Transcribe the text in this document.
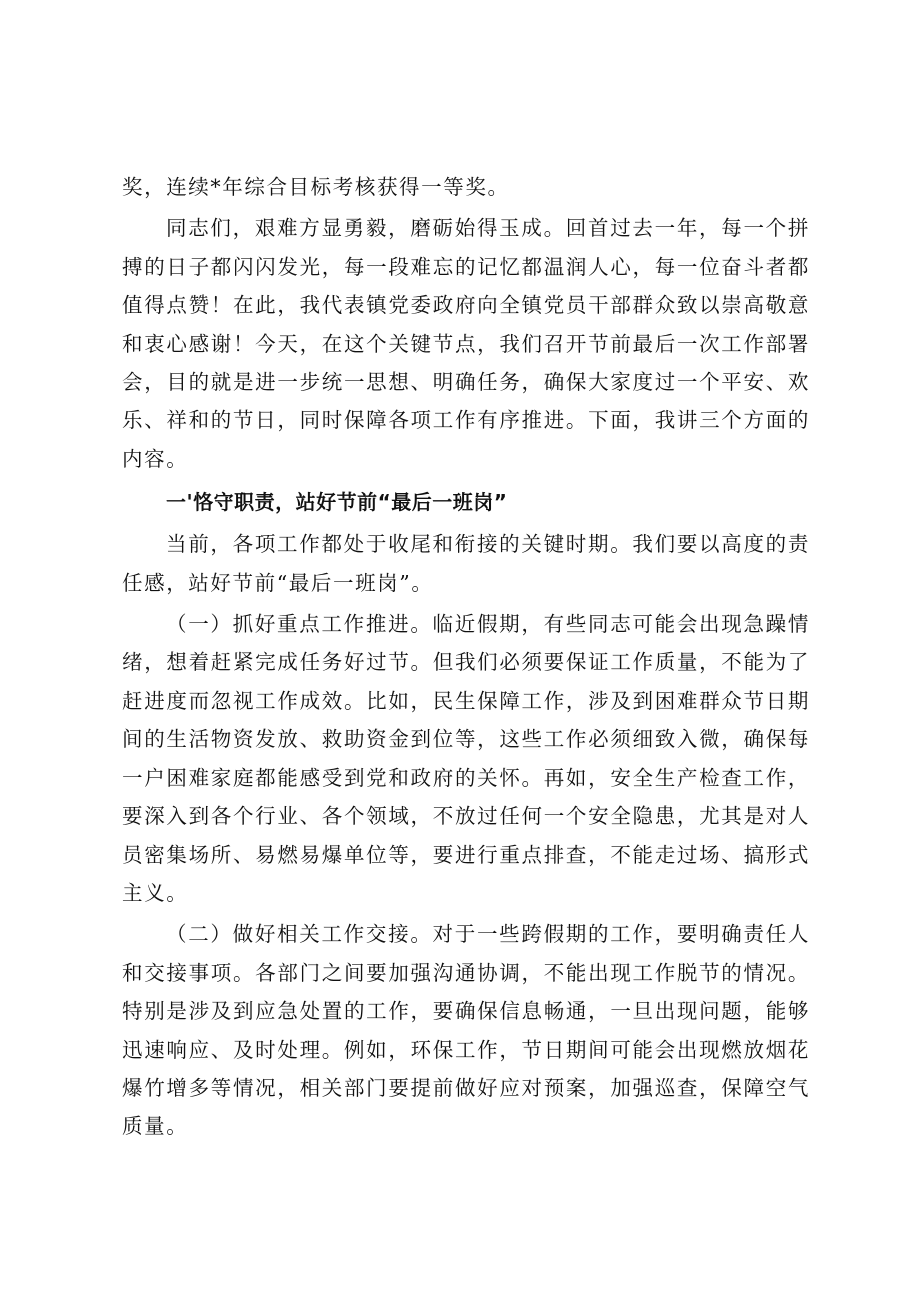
奖，连续*年综合目标考核获得一等奖。

同志们，艰难方显勇毅，磨砺始得玉成。回首过去一年，每一个拼搏的日子都闪闪发光，每一段难忘的记忆都温润人心，每一位奋斗者都值得点赞！在此，我代表镇党委政府向全镇党员干部群众致以崇高敬意和衷心感谢！今天，在这个关键节点，我们召开节前最后一次工作部署会，目的就是进一步统一思想、明确任务，确保大家度过一个平安、欢乐、祥和的节日，同时保障各项工作有序推进。下面，我讲三个方面的内容。

一'恪守职责，站好节前“最后一班岗”

当前，各项工作都处于收尾和衔接的关键时期。我们要以高度的责任感，站好节前“最后一班岗”。

（一）抓好重点工作推进。临近假期，有些同志可能会出现急躁情绪，想着赶紧完成任务好过节。但我们必须要保证工作质量，不能为了赶进度而忽视工作成效。比如，民生保障工作，涉及到困难群众节日期间的生活物资发放、救助资金到位等，这些工作必须细致入微，确保每一户困难家庭都能感受到党和政府的关怀。再如，安全生产检查工作，要深入到各个行业、各个领域，不放过任何一个安全隐患，尤其是对人员密集场所、易燃易爆单位等，要进行重点排查，不能走过场、搞形式主义。

（二）做好相关工作交接。对于一些跨假期的工作，要明确责任人和交接事项。各部门之间要加强沟通协调，不能出现工作脱节的情况。特别是涉及到应急处置的工作，要确保信息畅通，一旦出现问题，能够迅速响应、及时处理。例如，环保工作，节日期间可能会出现燃放烟花爆竹增多等情况，相关部门要提前做好应对预案，加强巡查，保障空气质量。
